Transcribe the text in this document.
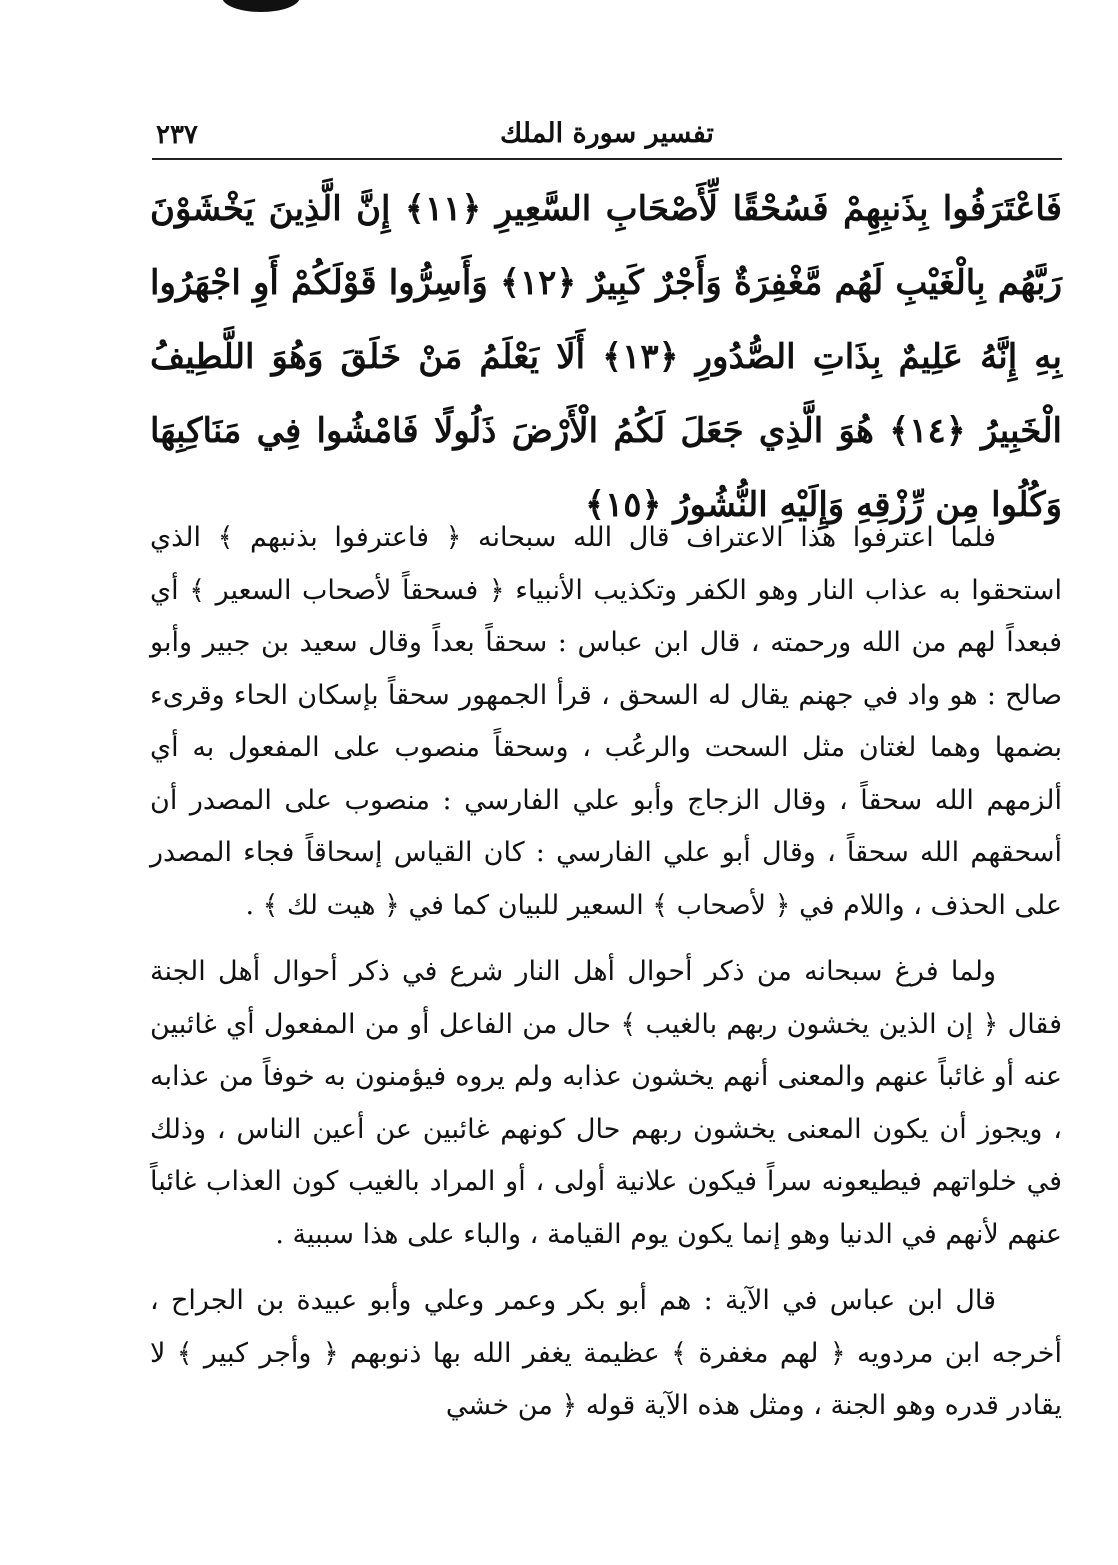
تفسير سورة الملك
٢٣٧
فَاعْتَرَفُوا بِذَنبِهِمْ فَسُحْقًا لِّأَصْحَابِ السَّعِيرِ ﴿١١﴾ إِنَّ الَّذِينَ يَخْشَوْنَ رَبَّهُم بِالْغَيْبِ لَهُم مَّغْفِرَةٌ وَأَجْرٌ كَبِيرٌ ﴿١٢﴾ وَأَسِرُّوا قَوْلَكُمْ أَوِ اجْهَرُوا بِهِ إِنَّهُ عَلِيمٌ بِذَاتِ الصُّدُورِ ﴿١٣﴾ أَلَا يَعْلَمُ مَنْ خَلَقَ وَهُوَ اللَّطِيفُ الْخَبِيرُ ﴿١٤﴾ هُوَ الَّذِي جَعَلَ لَكُمُ الْأَرْضَ ذَلُولًا فَامْشُوا فِي مَنَاكِبِهَا وَكُلُوا مِن رِّزْقِهِ وَإِلَيْهِ النُّشُورُ ﴿١٥﴾

فلما اعترفوا هذا الاعتراف قال الله سبحانه ﴿ فاعترفوا بذنبهم ﴾ الذي استحقوا به عذاب النار وهو الكفر وتكذيب الأنبياء ﴿ فسحقاً لأصحاب السعير ﴾ أي فبعداً لهم من الله ورحمته ، قال ابن عباس : سحقاً بعداً وقال سعيد بن جبير وأبو صالح : هو واد في جهنم يقال له السحق ، قرأ الجمهور سحقاً بإسكان الحاء وقرىء بضمها وهما لغتان مثل السحت والرعُب ، وسحقاً منصوب على المفعول به أي ألزمهم الله سحقاً ، وقال الزجاج وأبو علي الفارسي : منصوب على المصدر أن أسحقهم الله سحقاً ، وقال أبو علي الفارسي : كان القياس إسحاقاً فجاء المصدر على الحذف ، واللام في ﴿ لأصحاب ﴾ السعير للبيان كما في ﴿ هيت لك ﴾ .

ولما فرغ سبحانه من ذكر أحوال أهل النار شرع في ذكر أحوال أهل الجنة فقال ﴿ إن الذين يخشون ربهم بالغيب ﴾ حال من الفاعل أو من المفعول أي غائبين عنه أو غائباً عنهم والمعنى أنهم يخشون عذابه ولم يروه فيؤمنون به خوفاً من عذابه ، ويجوز أن يكون المعنى يخشون ربهم حال كونهم غائبين عن أعين الناس ، وذلك في خلواتهم فيطيعونه سراً فيكون علانية أولى ، أو المراد بالغيب كون العذاب غائباً عنهم لأنهم في الدنيا وهو إنما يكون يوم القيامة ، والباء على هذا سببية .

قال ابن عباس في الآية : هم أبو بكر وعمر وعلي وأبو عبيدة بن الجراح ، أخرجه ابن مردويه ﴿ لهم مغفرة ﴾ عظيمة يغفر الله بها ذنوبهم ﴿ وأجر كبير ﴾ لا يقادر قدره وهو الجنة ، ومثل هذه الآية قوله ﴿ من خشي
